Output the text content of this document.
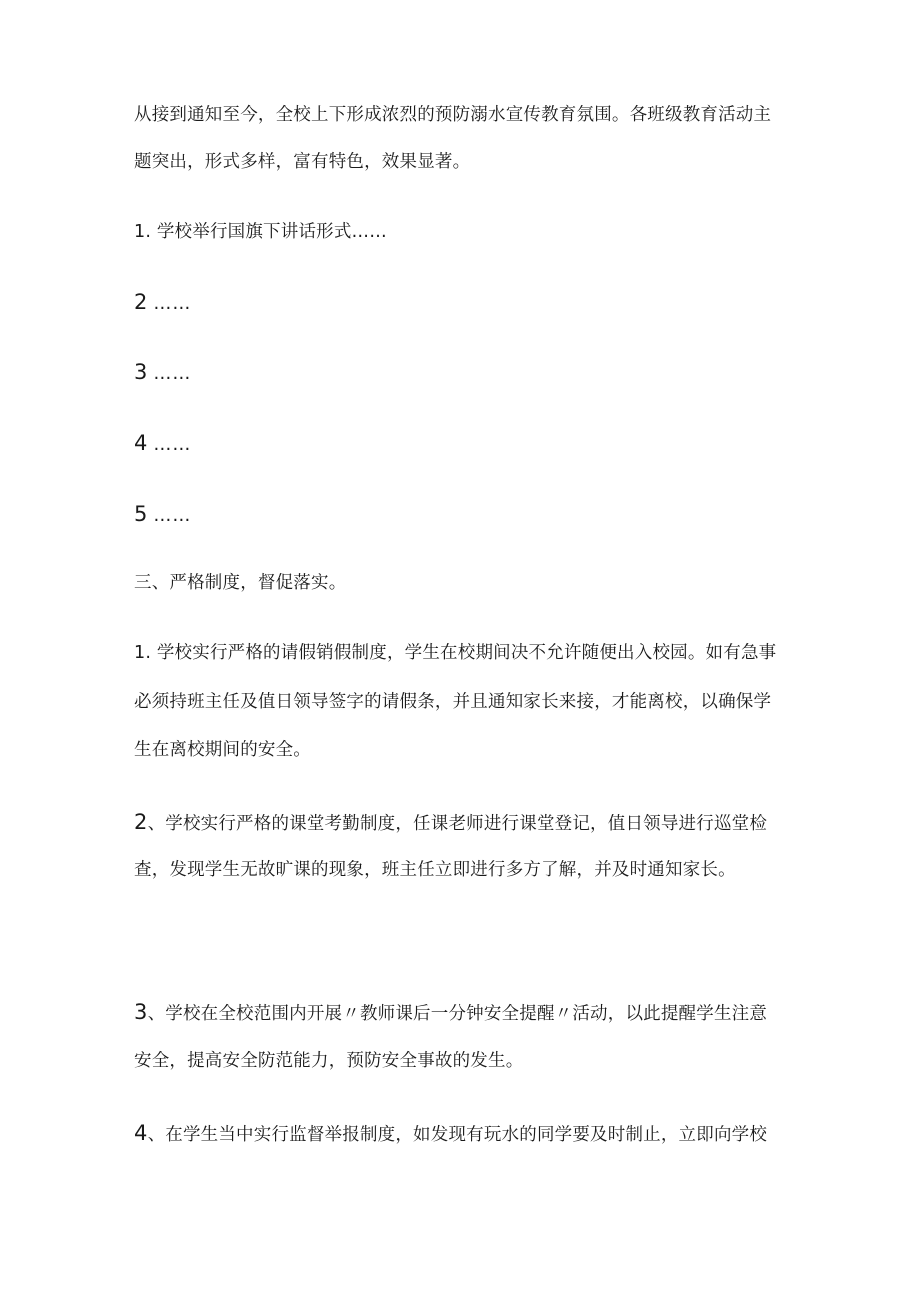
从接到通知至今，全校上下形成浓烈的预防溺水宣传教育氛围。各班级教育活动主

题突出，形式多样，富有特色，效果显著。

1. 学校举行国旗下讲话形式……

2 ……

3 ……

4 ……

5 ……

三、严格制度，督促落实。

1. 学校实行严格的请假销假制度，学生在校期间决不允许随便出入校园。如有急事

必须持班主任及值日领导签字的请假条，并且通知家长来接，才能离校，以确保学

生在离校期间的安全。

2、学校实行严格的课堂考勤制度，任课老师进行课堂登记，值日领导进行巡堂检

查，发现学生无故旷课的现象，班主任立即进行多方了解，并及时通知家长。

3、学校在全校范围内开展〃教师课后一分钟安全提醒〃活动，以此提醒学生注意

安全，提高安全防范能力，预防安全事故的发生。

4、在学生当中实行监督举报制度，如发现有玩水的同学要及时制止，立即向学校
